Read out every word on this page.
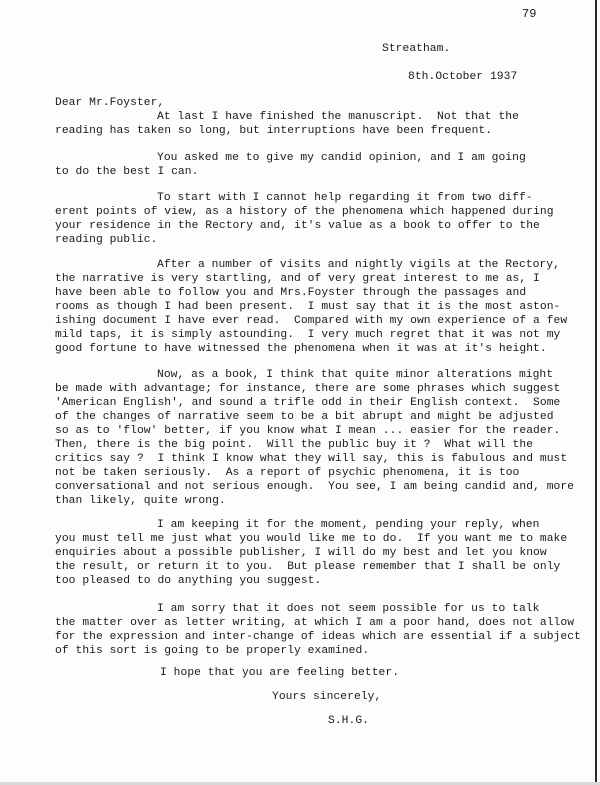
79
Streatham.
8th.October 1937
Dear Mr.Foyster,
At last I have finished the manuscript.  Not that the
reading has taken so long, but interruptions have been frequent.
You asked me to give my candid opinion, and I am going
to do the best I can.
To start with I cannot help regarding it from two diff-
erent points of view, as a history of the phenomena which happened during
your residence in the Rectory and, it's value as a book to offer to the
reading public.
After a number of visits and nightly vigils at the Rectory,
the narrative is very startling, and of very great interest to me as, I
have been able to follow you and Mrs.Foyster through the passages and
rooms as though I had been present.  I must say that it is the most aston-
ishing document I have ever read.  Compared with my own experience of a few
mild taps, it is simply astounding.  I very much regret that it was not my
good fortune to have witnessed the phenomena when it was at it's height.
Now, as a book, I think that quite minor alterations might
be made with advantage; for instance, there are some phrases which suggest
'American English', and sound a trifle odd in their English context.  Some
of the changes of narrative seem to be a bit abrupt and might be adjusted
so as to 'flow' better, if you know what I mean ... easier for the reader.
Then, there is the big point.  Will the public buy it ?  What will the
critics say ?  I think I know what they will say, this is fabulous and must
not be taken seriously.  As a report of psychic phenomena, it is too
conversational and not serious enough.  You see, I am being candid and, more
than likely, quite wrong.
I am keeping it for the moment, pending your reply, when
you must tell me just what you would like me to do.  If you want me to make
enquiries about a possible publisher, I will do my best and let you know
the result, or return it to you.  But please remember that I shall be only
too pleased to do anything you suggest.
I am sorry that it does not seem possible for us to talk
the matter over as letter writing, at which I am a poor hand, does not allow
for the expression and inter-change of ideas which are essential if a subject
of this sort is going to be properly examined.
I hope that you are feeling better.
Yours sincerely,
S.H.G.
